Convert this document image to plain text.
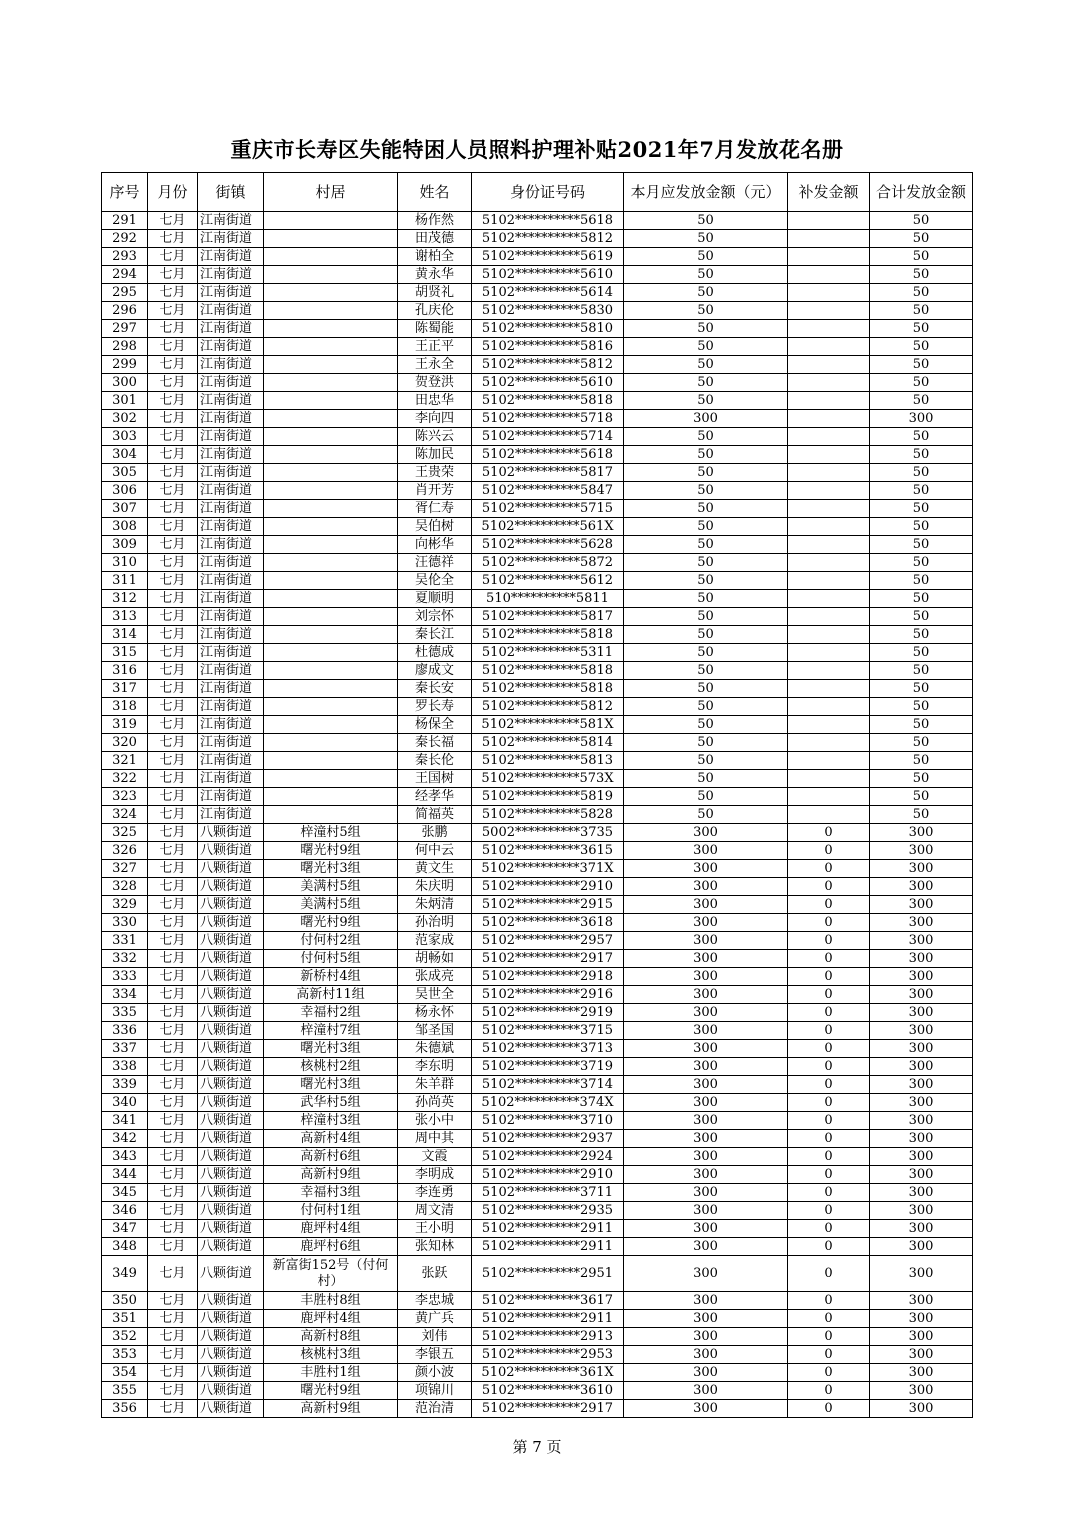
重庆市长寿区失能特困人员照料护理补贴2021年7月发放花名册
序号	月份	街镇	村居	姓名	身份证号码	本月应发放金额（元）	补发金额	合计发放金额
291	七月	江南街道		杨作然	5102**********5618	50		50
292	七月	江南街道		田茂德	5102**********5812	50		50
293	七月	江南街道		谢柏全	5102**********5619	50		50
294	七月	江南街道		黄永华	5102**********5610	50		50
295	七月	江南街道		胡贤礼	5102**********5614	50		50
296	七月	江南街道		孔庆伦	5102**********5830	50		50
297	七月	江南街道		陈蜀能	5102**********5810	50		50
298	七月	江南街道		王正平	5102**********5816	50		50
299	七月	江南街道		王永全	5102**********5812	50		50
300	七月	江南街道		贺登洪	5102**********5610	50		50
301	七月	江南街道		田忠华	5102**********5818	50		50
302	七月	江南街道		李向四	5102**********5718	300		300
303	七月	江南街道		陈兴云	5102**********5714	50		50
304	七月	江南街道		陈加民	5102**********5618	50		50
305	七月	江南街道		王贵荣	5102**********5817	50		50
306	七月	江南街道		肖开芳	5102**********5847	50		50
307	七月	江南街道		胥仁寿	5102**********5715	50		50
308	七月	江南街道		吴伯树	5102**********561X	50		50
309	七月	江南街道		向彬华	5102**********5628	50		50
310	七月	江南街道		汪德祥	5102**********5872	50		50
311	七月	江南街道		吴伦全	5102**********5612	50		50
312	七月	江南街道		夏顺明	510**********5811	50		50
313	七月	江南街道		刘宗怀	5102**********5817	50		50
314	七月	江南街道		秦长江	5102**********5818	50		50
315	七月	江南街道		杜德成	5102**********5311	50		50
316	七月	江南街道		廖成文	5102**********5818	50		50
317	七月	江南街道		秦长安	5102**********5818	50		50
318	七月	江南街道		罗长寿	5102**********5812	50		50
319	七月	江南街道		杨保全	5102**********581X	50		50
320	七月	江南街道		秦长福	5102**********5814	50		50
321	七月	江南街道		秦长伦	5102**********5813	50		50
322	七月	江南街道		王国树	5102**********573X	50		50
323	七月	江南街道		经孝华	5102**********5819	50		50
324	七月	江南街道		简福英	5102**********5828	50		50
325	七月	八颗街道	梓潼村5组	张鹏	5002**********3735	300	0	300
326	七月	八颗街道	曙光村9组	何中云	5102**********3615	300	0	300
327	七月	八颗街道	曙光村3组	黄文生	5102**********371X	300	0	300
328	七月	八颗街道	美满村5组	朱庆明	5102**********2910	300	0	300
329	七月	八颗街道	美满村5组	朱炳清	5102**********2915	300	0	300
330	七月	八颗街道	曙光村9组	孙治明	5102**********3618	300	0	300
331	七月	八颗街道	付何村2组	范家成	5102**********2957	300	0	300
332	七月	八颗街道	付何村5组	胡畅如	5102**********2917	300	0	300
333	七月	八颗街道	新桥村4组	张成亮	5102**********2918	300	0	300
334	七月	八颗街道	高新村11组	吴世全	5102**********2916	300	0	300
335	七月	八颗街道	幸福村2组	杨永怀	5102**********2919	300	0	300
336	七月	八颗街道	梓潼村7组	邹圣国	5102**********3715	300	0	300
337	七月	八颗街道	曙光村3组	朱德斌	5102**********3713	300	0	300
338	七月	八颗街道	核桃村2组	李东明	5102**********3719	300	0	300
339	七月	八颗街道	曙光村3组	朱羊群	5102**********3714	300	0	300
340	七月	八颗街道	武华村5组	孙尚英	5102**********374X	300	0	300
341	七月	八颗街道	梓潼村3组	张小中	5102**********3710	300	0	300
342	七月	八颗街道	高新村4组	周中其	5102**********2937	300	0	300
343	七月	八颗街道	高新村6组	文霞	5102**********2924	300	0	300
344	七月	八颗街道	高新村9组	李明成	5102**********2910	300	0	300
345	七月	八颗街道	幸福村3组	李连勇	5102**********3711	300	0	300
346	七月	八颗街道	付何村1组	周文清	5102**********2935	300	0	300
347	七月	八颗街道	鹿坪村4组	王小明	5102**********2911	300	0	300
348	七月	八颗街道	鹿坪村6组	张知林	5102**********2911	300	0	300
349	七月	八颗街道	新富街152号（付何村）	张跃	5102**********2951	300	0	300
350	七月	八颗街道	丰胜村8组	李忠城	5102**********3617	300	0	300
351	七月	八颗街道	鹿坪村4组	黄广兵	5102**********2911	300	0	300
352	七月	八颗街道	高新村8组	刘伟	5102**********2913	300	0	300
353	七月	八颗街道	核桃村3组	李银五	5102**********2953	300	0	300
354	七月	八颗街道	丰胜村1组	颜小波	5102**********361X	300	0	300
355	七月	八颗街道	曙光村9组	项锦川	5102**********3610	300	0	300
356	七月	八颗街道	高新村9组	范治清	5102**********2917	300	0	300
第 7 页
